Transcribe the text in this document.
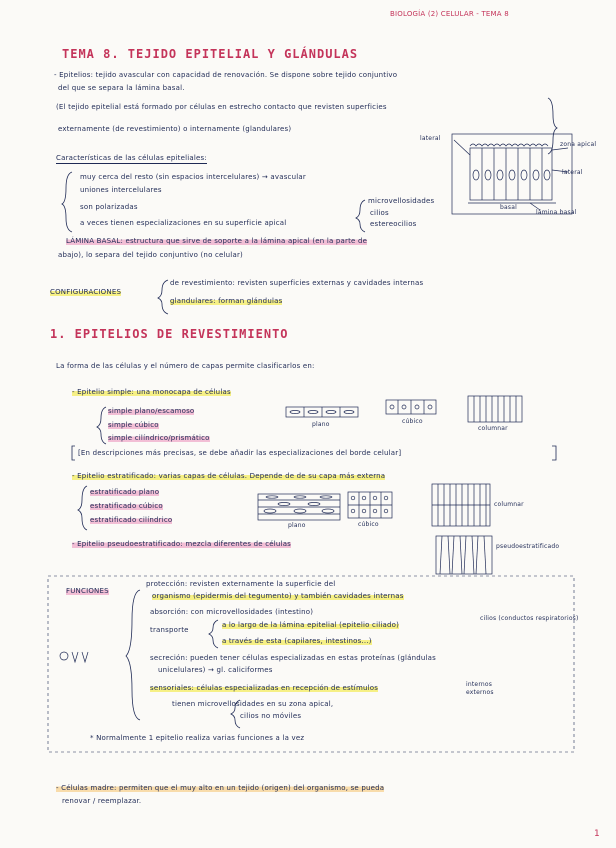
BIOLOGÍA (2) CELULAR - TEMA 8
TEMA 8. TEJIDO EPITELIAL Y GLÁNDULAS
- Epitelios: tejido avascular con capacidad de renovación. Se dispone sobre tejido conjuntivo
del que se separa la lámina basal.
(El tejido epitelial está formado por células en estrecho contacto que revisten superficies
externamente (de revestimiento) o internamente (glandulares)
Características de las células epiteliales:
muy cerca del resto (sin espacios intercelulares) → avascular
uniones intercelulares
son polarizadas
a veces tienen especializaciones en su superficie apical
microvellosidades
cilios
estereocilios
LÁMINA BASAL: estructura que sirve de soporte a la lámina apical (en la parte de
abajo), lo separa del tejido conjuntivo (no celular)
lateral
zona apical
lateral
basal
lámina basal
CONFIGURACIONES
de revestimiento: revisten superficies externas y cavidades internas
glandulares: forman glándulas
1. EPITELIOS DE REVESTIMIENTO
La forma de las células y el número de capas permite clasificarlos en:
- Epitelio simple: una monocapa de células
simple plano/escamoso
simple cúbico
simple cilíndrico/prismático
plano	cúbico
columnar
[En descripciones más precisas, se debe añadir las especializaciones del borde celular]
- Epitelio estratificado: varias capas de células. Depende de de su capa más externa
estratificado plano
estratificado cúbico
estratificado cilíndrico
plano	cúbico
columnar
- Epitelio pseudoestratificado: mezcla diferentes de células	pseudoestratificado
FUNCIONES
protección: revisten externamente la superficie del
organismo (epidermis del tegumento) y también cavidades internas
absorción: con microvellosidades (intestino)
cilios (conductos respiratorios)
transporte
a lo largo de la lámina epitelial (epitelio ciliado)
a través de esta (capilares, intestinos...)
secreción: pueden tener células especializadas en estas proteínas (glándulas
unicelulares) → gl. caliciformes
sensoriales: células especializadas en recepción de estímulos	internos
externos
tienen microvellosidades en su zona apical,
cilios no móviles
* Normalmente 1 epitelio realiza varias funciones a la vez
- Células madre: permiten que el muy alto en un tejido (origen) del organismo, se pueda
renovar / reemplazar.
1
